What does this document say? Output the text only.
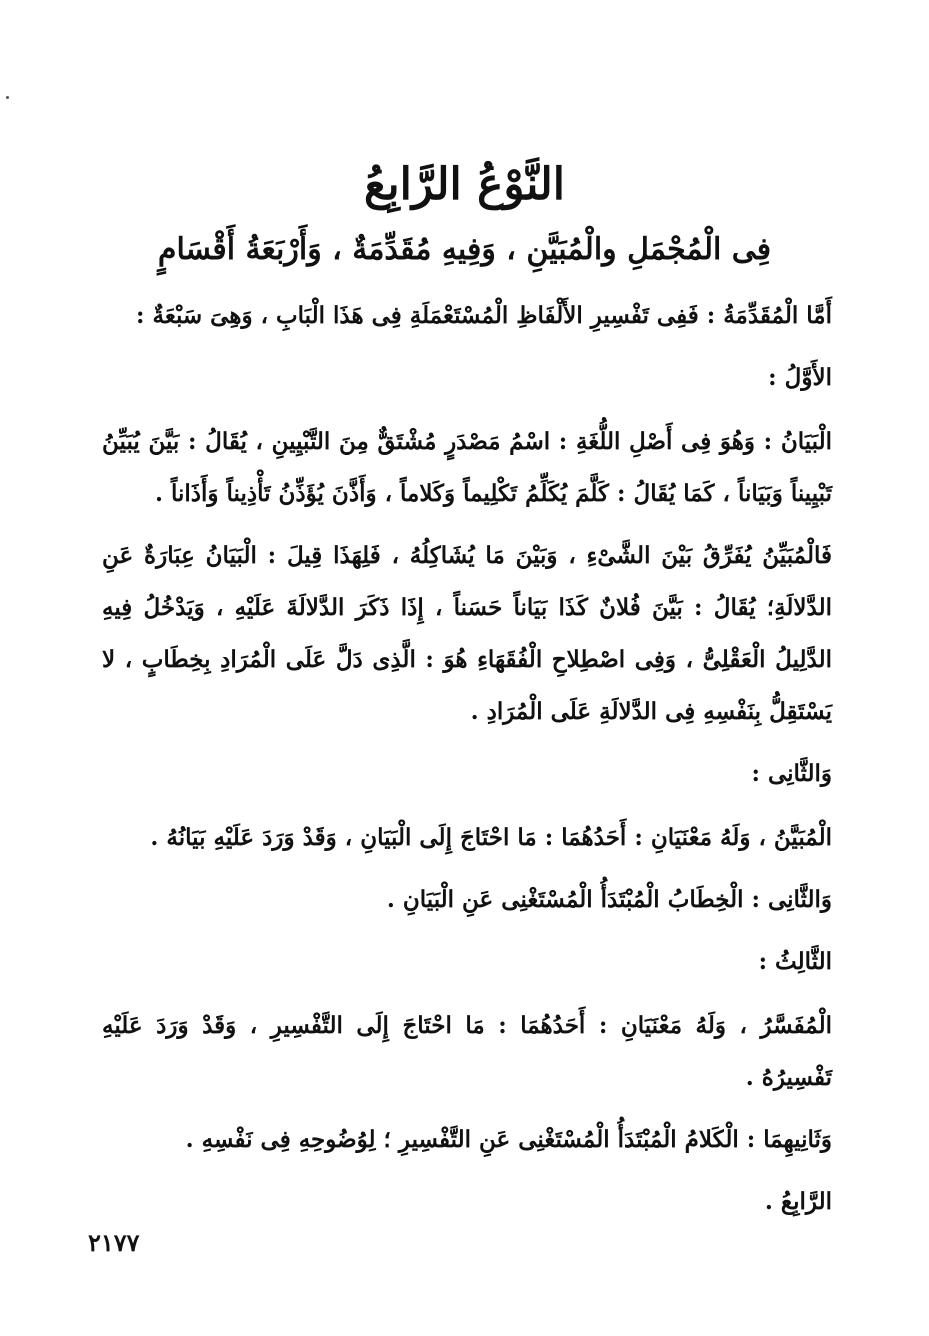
النَّوْعُ الرَّابِعُ
فِى الْمُجْمَلِ والْمُبَيَّنِ ، وَفِيهِ مُقَدِّمَةٌ ، وَأَرْبَعَةُ أَقْسَامٍ

أَمَّا الْمُقَدِّمَةُ : فَفِى تَفْسِيرِ الأَلْفَاظِ الْمُسْتَعْمَلَةِ فِى هَذَا الْبَابِ ، وَهِىَ سَبْعَةٌ :

الأَوَّلُ :

الْبَيَانُ : وَهُوَ فِى أَصْلِ اللُّغَةِ : اسْمُ مَصْدَرٍ مُشْتَقٌّ مِنَ التَّبْيِينِ ، يُقَالُ : بَيَّنَ يُبَيِّنُ تَبْيِيناً وَبَيَاناً ، كَمَا يُقَالُ : كَلَّمَ يُكَلِّمُ تَكْلِيماً وَكَلاماً ، وَأَذَّنَ يُؤَذِّنُ تَأْذِيناً وَأَذَاناً .

فَالْمُبَيِّنُ يُفَرِّقُ بَيْنَ الشَّىْءِ ، وَبَيْنَ مَا يُشَاكِلُهُ ، فَلِهَذَا قِيلَ : الْبَيَانُ عِبَارَةٌ عَنِ الدَّلالَةِ؛ يُقَالُ : بَيَّنَ فُلانٌ كَذَا بَيَاناً حَسَناً ، إِذَا ذَكَرَ الدَّلالَةَ عَلَيْهِ ، وَيَدْخُلُ فِيهِ الدَّلِيلُ الْعَقْلِىُّ ، وَفِى اصْطِلاحِ الْفُقَهَاءِ هُوَ : الَّذِى دَلَّ عَلَى الْمُرَادِ بِخِطَابٍ ، لا يَسْتَقِلُّ بِنَفْسِهِ فِى الدَّلالَةِ عَلَى الْمُرَادِ .

وَالثَّانِى :

الْمُبَيَّنُ ، وَلَهُ مَعْنَيَانِ : أَحَدُهُمَا : مَا احْتَاجَ إِلَى الْبَيَانِ ، وَقَدْ وَرَدَ عَلَيْهِ بَيَانُهُ .

وَالثَّانِى : الْخِطَابُ الْمُبْتَدَأُ الْمُسْتَغْنِى عَنِ الْبَيَانِ .

الثَّالِثُ :

الْمُفَسَّرُ ، وَلَهُ مَعْنَيَانِ : أَحَدُهُمَا : مَا احْتَاجَ إِلَى التَّفْسِيرِ ، وَقَدْ وَرَدَ عَلَيْهِ تَفْسِيرُهُ .

وَثَانِيهِمَا : الْكَلامُ الْمُبْتَدَأُ الْمُسْتَغْنِى عَنِ التَّفْسِيرِ ؛ لِوُضُوحِهِ فِى نَفْسِهِ .

الرَّابِعُ .

٢١٧٧
